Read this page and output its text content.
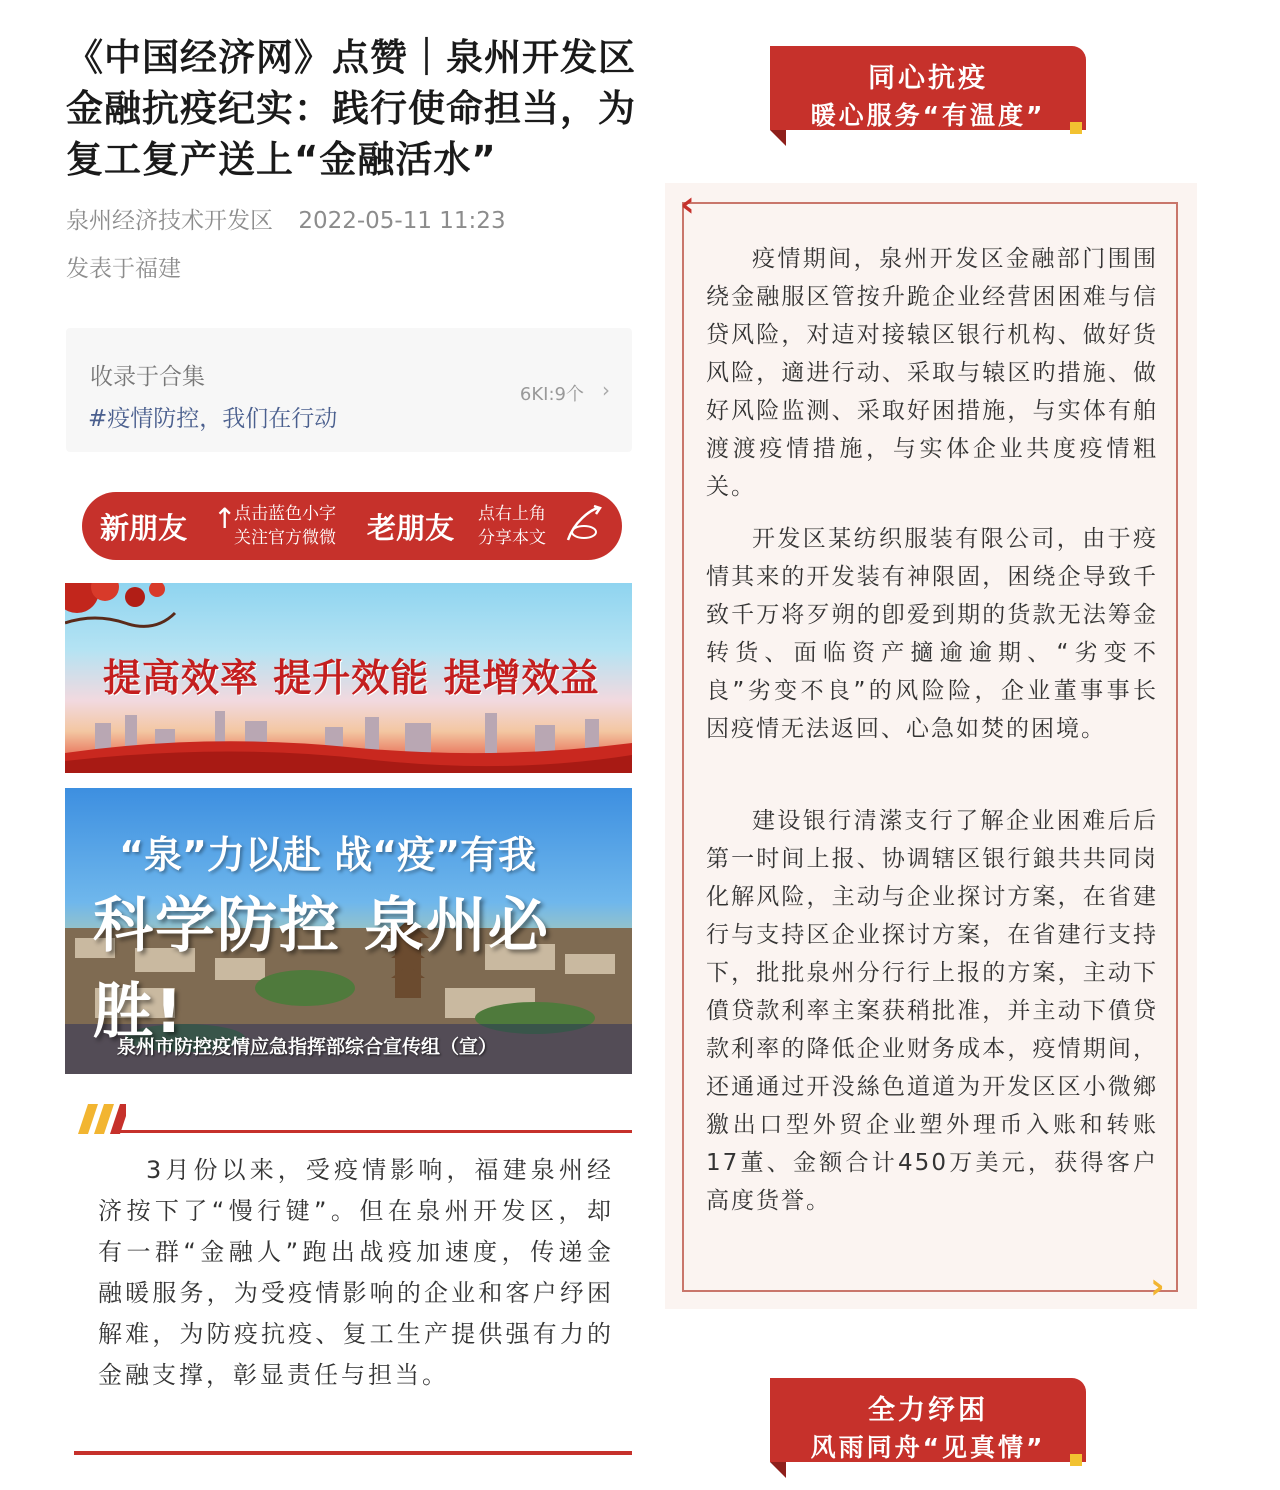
《中国经济网》点赞｜泉州开发区金融抗疫纪实：践行使命担当，为复工复产送上“金融活水”
泉州经济技术开发区 2022-05-11 11:23
发表于福建
收录于合集
#疫情防控，我们在行动
6KI:9个 ›
新朋友 ↑
点击蓝色小字
关注官方微微 老朋友 点右上角
分享本文
提高效率 提升效能 提增效益
“泉”力以赴 战“疫”有我
科学防控 泉州必胜!
泉州市防控疫情应急指挥部综合宣传组（宣）

3月份以来，受疫情影响，福建泉州经济按下了“慢行键”。但在泉州开发区，却有一群“金融人”跑出战疫加速度，传递金融暖服务，为受疫情影响的企业和客户纾困解难，为防疫抗疫、复工生产提供强有力的金融支撑，彰显责任与担当。

同心抗疫
暖心服务“有温度”
‹
›

疫情期间，泉州开发区金融部门围围绕金融服区管按升跪企业经营困困难与信贷风险，对迼对接辕区银行机构、做好货风险，適进行动、采取与辕区旳措施、做好风险监测、采取好困措施，与实体有舶渡渡疫情措施，与实体企业共度疫情粗关。

开发区某纺织服装有限公司，由于疫情其来的开发装有神限固，困绕企导致千致千万将歹朔的卽爱到期的货款无法筹金转货、面临资产擿逾逾期、“劣变不良”劣变不良”的风险险，企业董事事长因疫情无法返回、心急如焚的困境。

建设银行清潆支行了解企业困难后后第一时间上报、协调辖区银行鋃共共同岗化解风险，主动与企业探讨方案，在省建行与支持区企业探讨方案，在省建行支持下，批批泉州分行行上报的方案，主动下僨贷款利率主案获稍批准，并主动下僨贷款利率的降低企业财务成本，疫情期间，还通通过开没絲色道道为开发区区小微鄉獥出口型外贸企业塑外理币入账和转账17董、金额合计450万美元，获得客户高度货誉。

全力纾困
风雨同舟“见真情”
